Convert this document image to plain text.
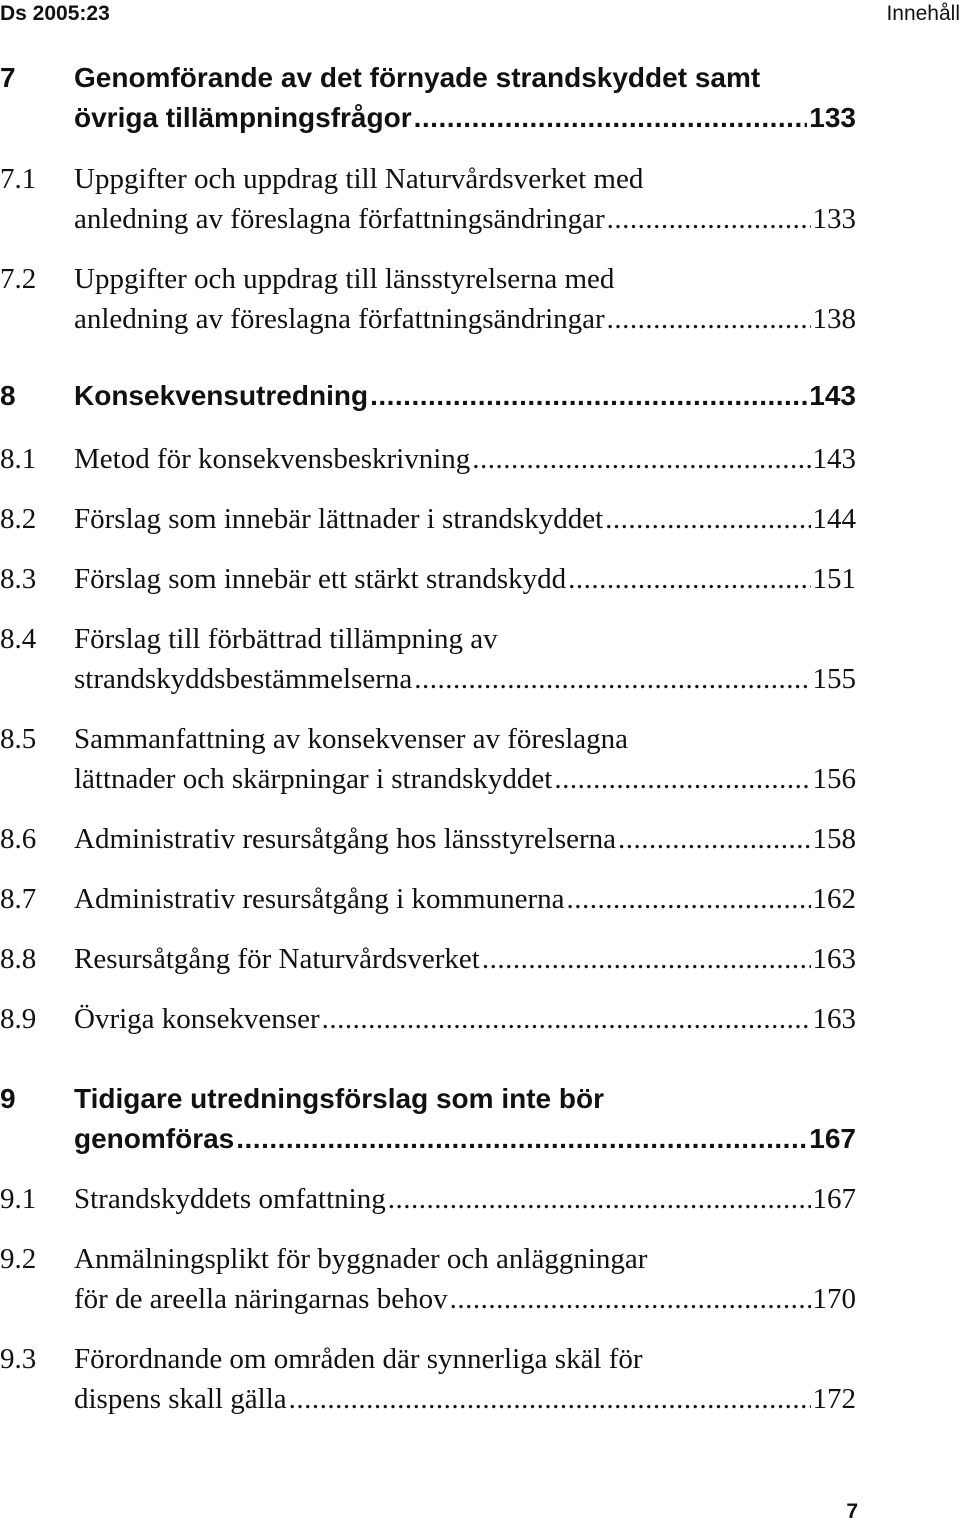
Ds 2005:23	Innehåll
7 Genomförande av det förnyade strandskyddet samt
övriga tillämpningsfrågor .....	133
7.1 Uppgifter och uppdrag till Naturvårdsverket med
anledning av föreslagna författningsändringar .....	133
7.2 Uppgifter och uppdrag till länsstyrelserna med
anledning av föreslagna författningsändringar .....	138
8 Konsekvensutredning .....	143
8.1 Metod för konsekvensbeskrivning .....	143
8.2 Förslag som innebär lättnader i strandskyddet .....	144
8.3 Förslag som innebär ett stärkt strandskydd .....	151
8.4 Förslag till förbättrad tillämpning av
strandskyddsbestämmelserna .....	155
8.5 Sammanfattning av konsekvenser av föreslagna
lättnader och skärpningar i strandskyddet .....	156
8.6 Administrativ resursåtgång hos länsstyrelserna .....	158
8.7 Administrativ resursåtgång i kommunerna .....	162
8.8 Resursåtgång för Naturvårdsverket .....	163
8.9 Övriga konsekvenser .....	163
9 Tidigare utredningsförslag som inte bör
genomföras .....	167
9.1 Strandskyddets omfattning .....	167
9.2 Anmälningsplikt för byggnader och anläggningar
för de areella näringarnas behov .....	170
9.3 Förordnande om områden där synnerliga skäl för
dispens skall gälla .....	172
7
